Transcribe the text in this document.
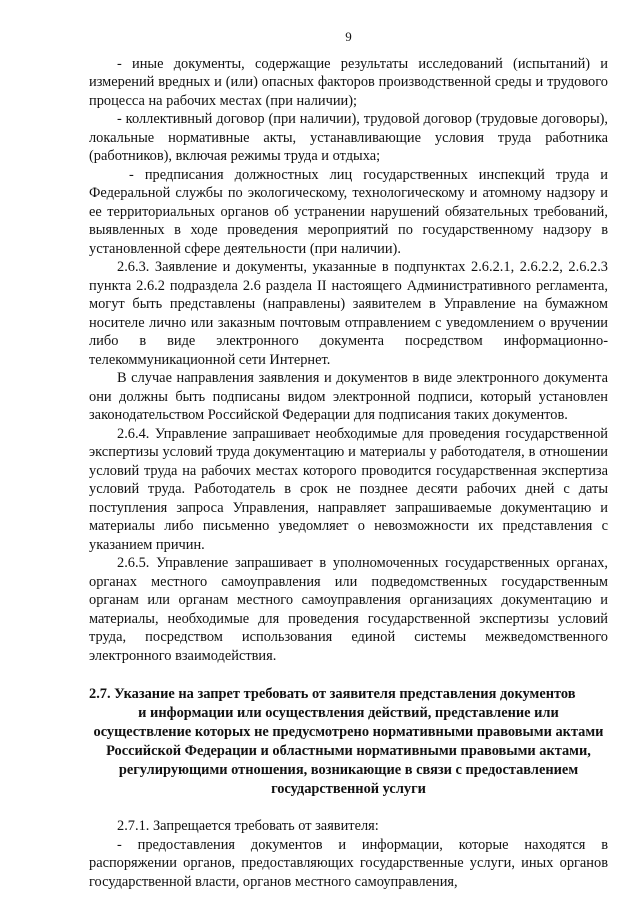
9

- иные документы, содержащие результаты исследований (испытаний) и измерений вредных и (или) опасных факторов производственной среды и трудового процесса на рабочих местах (при наличии);

- коллективный договор (при наличии), трудовой договор (трудовые договоры), локальные нормативные акты, устанавливающие условия труда работника (работников), включая режимы труда и отдыха;

- предписания должностных лиц государственных инспекций труда и Федеральной службы по экологическому, технологическому и атомному надзору и ее территориальных органов об устранении нарушений обязательных требований, выявленных в ходе проведения мероприятий по государственному надзору в установленной сфере деятельности (при наличии).

2.6.3. Заявление и документы, указанные в подпунктах 2.6.2.1, 2.6.2.2, 2.6.2.3 пункта 2.6.2 подраздела 2.6 раздела II настоящего Административного регламента, могут быть представлены (направлены) заявителем в Управление на бумажном носителе лично или заказным почтовым отправлением с уведомлением о вручении либо в виде электронного документа посредством информационно-телекоммуникационной сети Интернет.

В случае направления заявления и документов в виде электронного документа они должны быть подписаны видом электронной подписи, который установлен законодательством Российской Федерации для подписания таких документов.

2.6.4. Управление запрашивает необходимые для проведения государственной экспертизы условий труда документацию и материалы у работодателя, в отношении условий труда на рабочих местах которого проводится государственная экспертиза условий труда. Работодатель в срок не позднее десяти рабочих дней с даты поступления запроса Управления, направляет запрашиваемые документацию и материалы либо письменно уведомляет о невозможности их представления с указанием причин.

2.6.5. Управление запрашивает в уполномоченных государственных органах, органах местного самоуправления или подведомственных государственным органам или органам местного самоуправления организациях документацию и материалы, необходимые для проведения государственной экспертизы условий труда, посредством использования единой системы межведомственного электронного взаимодействия.

2.7. Указание на запрет требовать от заявителя представления документов
и информации или осуществления действий, представление или осуществление которых не предусмотрено нормативными правовыми актами Российской Федерации и областными нормативными правовыми актами, регулирующими отношения, возникающие в связи с предоставлением государственной услуги

2.7.1. Запрещается требовать от заявителя:

- предоставления документов и информации, которые находятся в распоряжении органов, предоставляющих государственные услуги, иных органов государственной власти, органов местного самоуправления,
